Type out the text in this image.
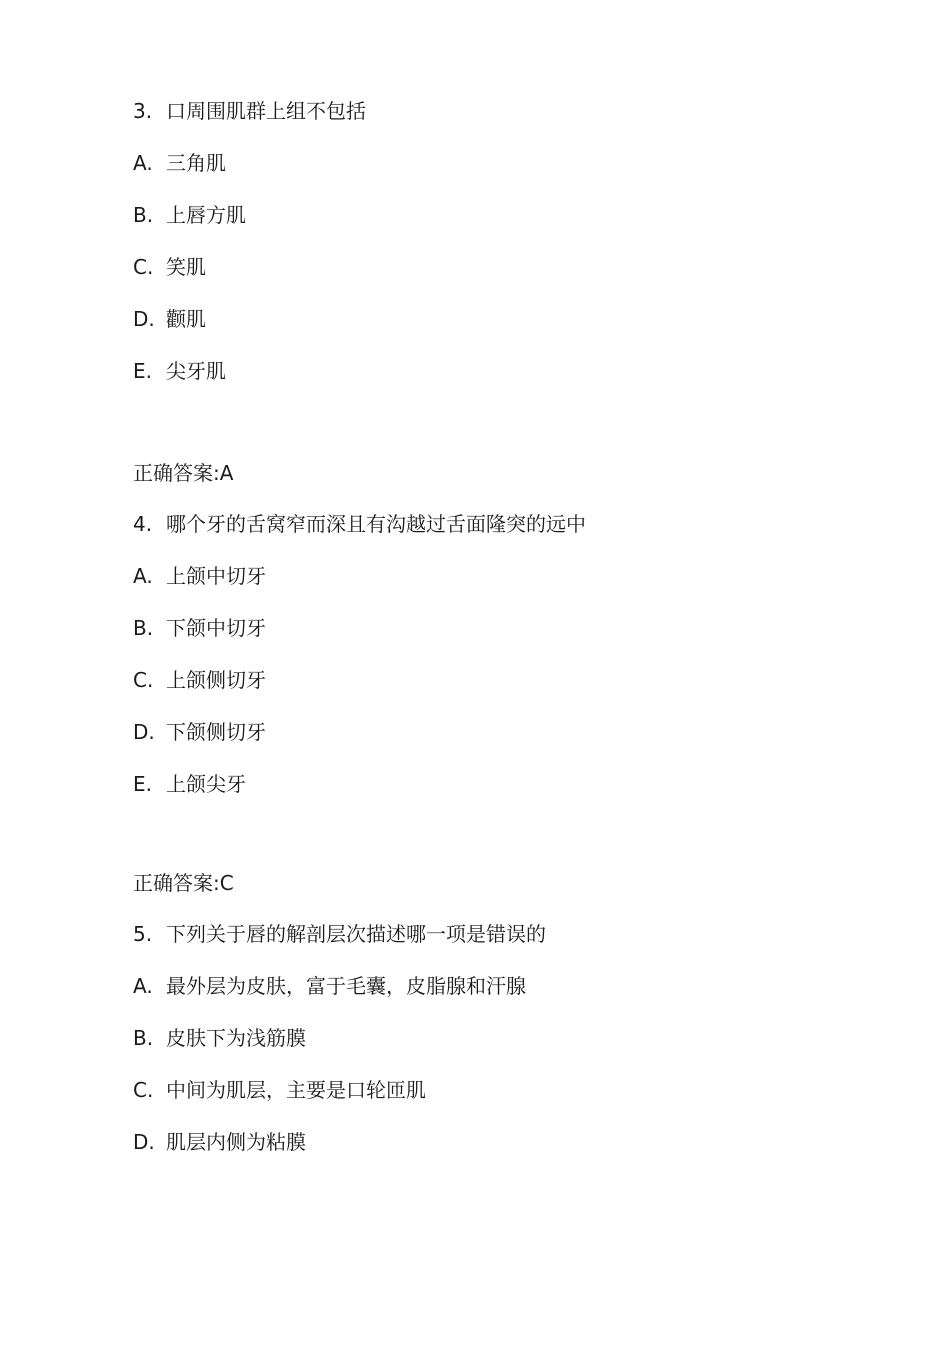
3. 口周围肌群上组不包括
A. 三角肌
B. 上唇方肌
C. 笑肌
D. 颧肌
E. 尖牙肌
正确答案:A
4. 哪个牙的舌窝窄而深且有沟越过舌面隆突的远中
A. 上颌中切牙
B. 下颌中切牙
C. 上颌侧切牙
D. 下颌侧切牙
E. 上颌尖牙
正确答案:C
5. 下列关于唇的解剖层次描述哪一项是错误的
A. 最外层为皮肤，富于毛囊，皮脂腺和汗腺
B. 皮肤下为浅筋膜
C. 中间为肌层，主要是口轮匝肌
D. 肌层内侧为粘膜
